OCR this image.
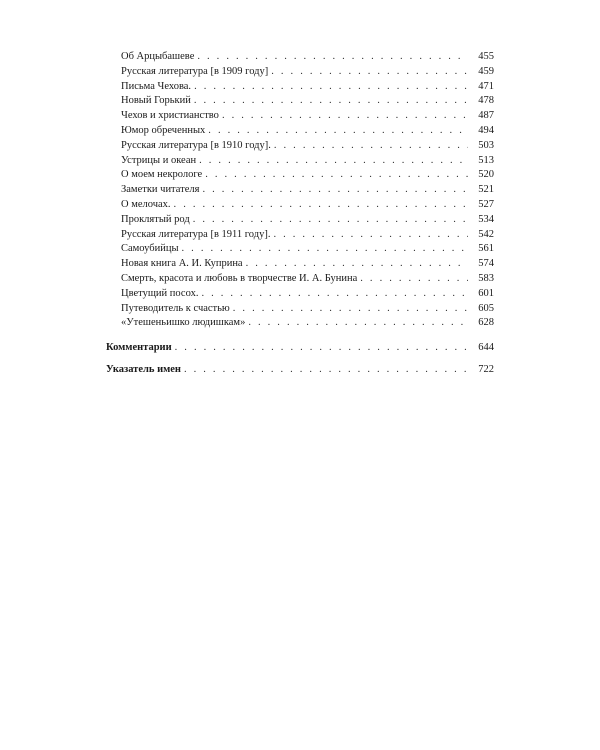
Об Арцыбашеве . . .	455
Русская литература [в 1909 году] . . .	459
Письма Чехова. . . .	471
Новый Горький . . .	478
Чехов и христианство . . .	487
Юмор обреченных . . .	494
Русская литература [в 1910 году]. . . .	503
Устрицы и океан . . .	513
О моем некрологе . . .	520
Заметки читателя . . .	521
О мелочах. . . .	527
Проклятый род . . .	534
Русская литература [в 1911 году]. . . .	542
Самоубийцы . . .	561
Новая книга А. И. Куприна . . .	574
Смерть, красота и любовь в творчестве И. А. Бунина . . .	583
Цветущий посох. . . .	601
Путеводитель к счастью . . .	605
«Утешеньишко людишкам» . . .	628
Комментарии . . .	644
Указатель имен . . .	722
